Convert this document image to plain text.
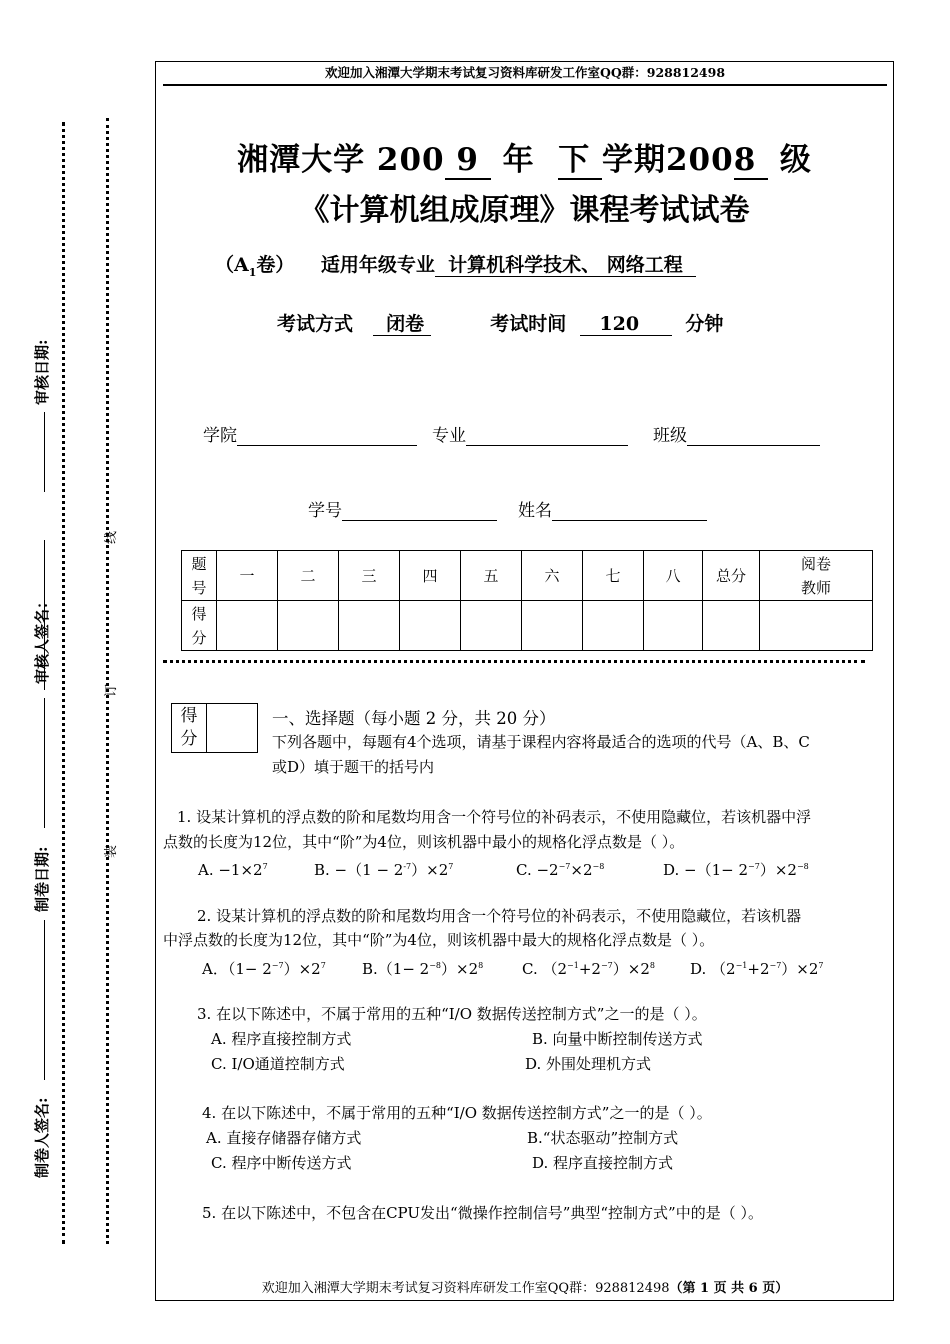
线
订
装
审核日期:
审核人签名：
制卷日期:
制卷人签名:
欢迎加入湘潭大学期末考试复习资料库研发工作室QQ群：928812498
湘潭大学 200 9 年 下 学期2008 级
《计算机组成原理》课程考试试卷
（$A_1$卷） 适用年级专业 计算机科学技术、 网络工程
考试方式 闭卷	考试时间 120 分钟
学院	专业	班级
学号	姓名
题
号	一	二	三	四	五	六	七	八	总分	阅卷
教师
得
分										
得
分	
一、选择题（每小题 2 分，共 20 分）
下列各题中，每题有4个选项，请基于课程内容将最适合的选项的代号（A、B、C
或D）填于题干的括号内
1. 设某计算机的浮点数的阶和尾数均用含一个符号位的补码表示，不使用隐藏位，若该机器中浮
点数的长度为12位，其中“阶”为4位，则该机器中最小的规格化浮点数是（ ）。
A. $-1\times 2^7$	B. $-(1 - 2^{-7})\times 2^7$	C. $-2^{-7}\times 2^{-8}$	D. $-(1- 2^{-7})\times 2^{-8}$
2. 设某计算机的浮点数的阶和尾数均用含一个符号位的补码表示，不使用隐藏位，若该机器
中浮点数的长度为12位，其中“阶”为4位，则该机器中最大的规格化浮点数是（ ）。
A．$(1- 2^{-7})\times 2^7$ $B.(1- 2^{-8})\times 2^8$	C. $(2^{-1}+2^{-7})\times 2^8$ D. $(2^{-1}+2^{-7})\times 2^7$
3. 在以下陈述中，不属于常用的五种“I/O 数据传送控制方式”之一的是（ ）。
A. 程序直接控制方式	B. 向量中断控制传送方式
C. I/O通道控制方式	D. 外围处理机方式
4. 在以下陈述中，不属于常用的五种“I/O 数据传送控制方式”之一的是（ ）。
A. 直接存储器存储方式	B.“状态驱动”控制方式
C. 程序中断传送方式	D. 程序直接控制方式
5. 在以下陈述中，不包含在CPU发出“微操作控制信号”典型“控制方式”中的是（ ）。
欢迎加入湘潭大学期末考试复习资料库研发工作室QQ群：928812498（第 1 页 共 6 页）
